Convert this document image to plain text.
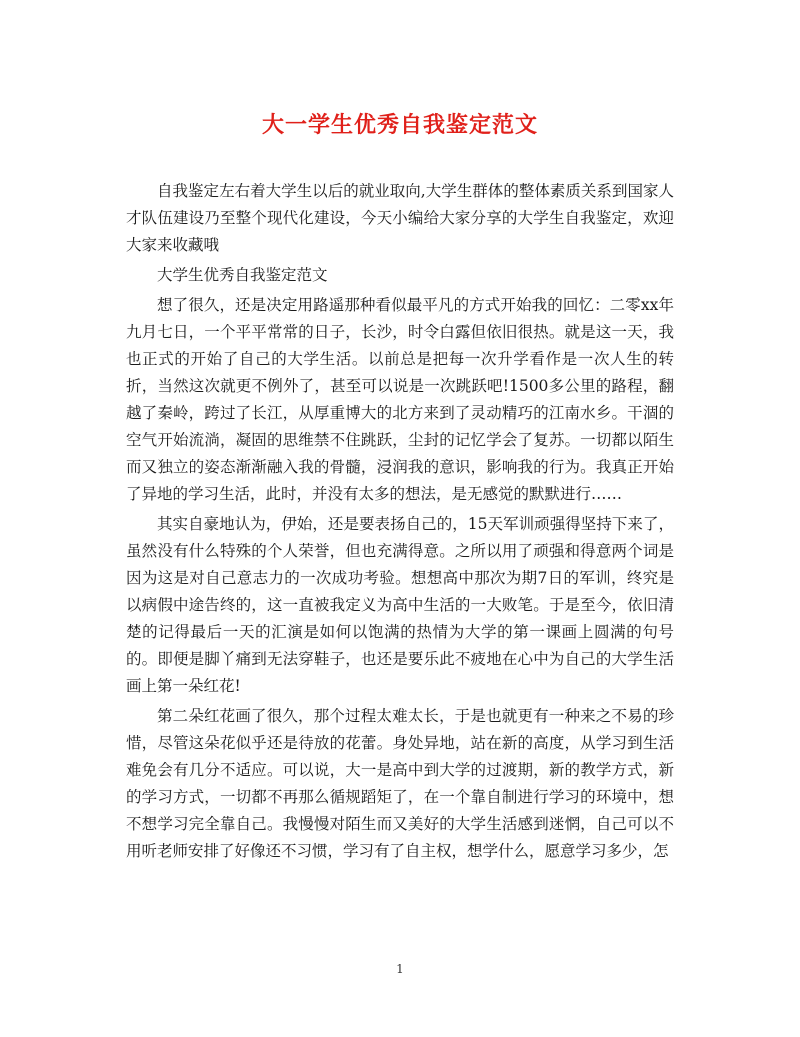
大一学生优秀自我鉴定范文

自我鉴定左右着大学生以后的就业取向,大学生群体的整体素质关系到国家人才队伍建设乃至整个现代化建设，今天小编给大家分享的大学生自我鉴定，欢迎大家来收藏哦

大学生优秀自我鉴定范文

想了很久，还是决定用路遥那种看似最平凡的方式开始我的回忆：二零xx年九月七日，一个平平常常的日子，长沙，时令白露但依旧很热。就是这一天，我也正式的开始了自己的大学生活。以前总是把每一次升学看作是一次人生的转折，当然这次就更不例外了，甚至可以说是一次跳跃吧!1500多公里的路程，翻越了秦岭，跨过了长江，从厚重博大的北方来到了灵动精巧的江南水乡。干涸的空气开始流淌，凝固的思维禁不住跳跃，尘封的记忆学会了复苏。一切都以陌生而又独立的姿态渐渐融入我的骨髓，浸润我的意识，影响我的行为。我真正开始了异地的学习生活，此时，并没有太多的想法，是无感觉的默默进行……

其实自豪地认为，伊始，还是要表扬自己的，15天军训顽强得坚持下来了，虽然没有什么特殊的个人荣誉，但也充满得意。之所以用了顽强和得意两个词是因为这是对自己意志力的一次成功考验。想想高中那次为期7日的军训，终究是以病假中途告终的，这一直被我定义为高中生活的一大败笔。于是至今，依旧清楚的记得最后一天的汇演是如何以饱满的热情为大学的第一课画上圆满的句号的。即便是脚丫痛到无法穿鞋子，也还是要乐此不疲地在心中为自己的大学生活画上第一朵红花!

第二朵红花画了很久，那个过程太难太长，于是也就更有一种来之不易的珍惜，尽管这朵花似乎还是待放的花蕾。身处异地，站在新的高度，从学习到生活难免会有几分不适应。可以说，大一是高中到大学的过渡期，新的教学方式，新的学习方式，一切都不再那么循规蹈矩了，在一个靠自制进行学习的环境中，想不想学习完全靠自己。我慢慢对陌生而又美好的大学生活感到迷惘，自己可以不用听老师安排了好像还不习惯，学习有了自主权，想学什么，愿意学习多少，怎

1
